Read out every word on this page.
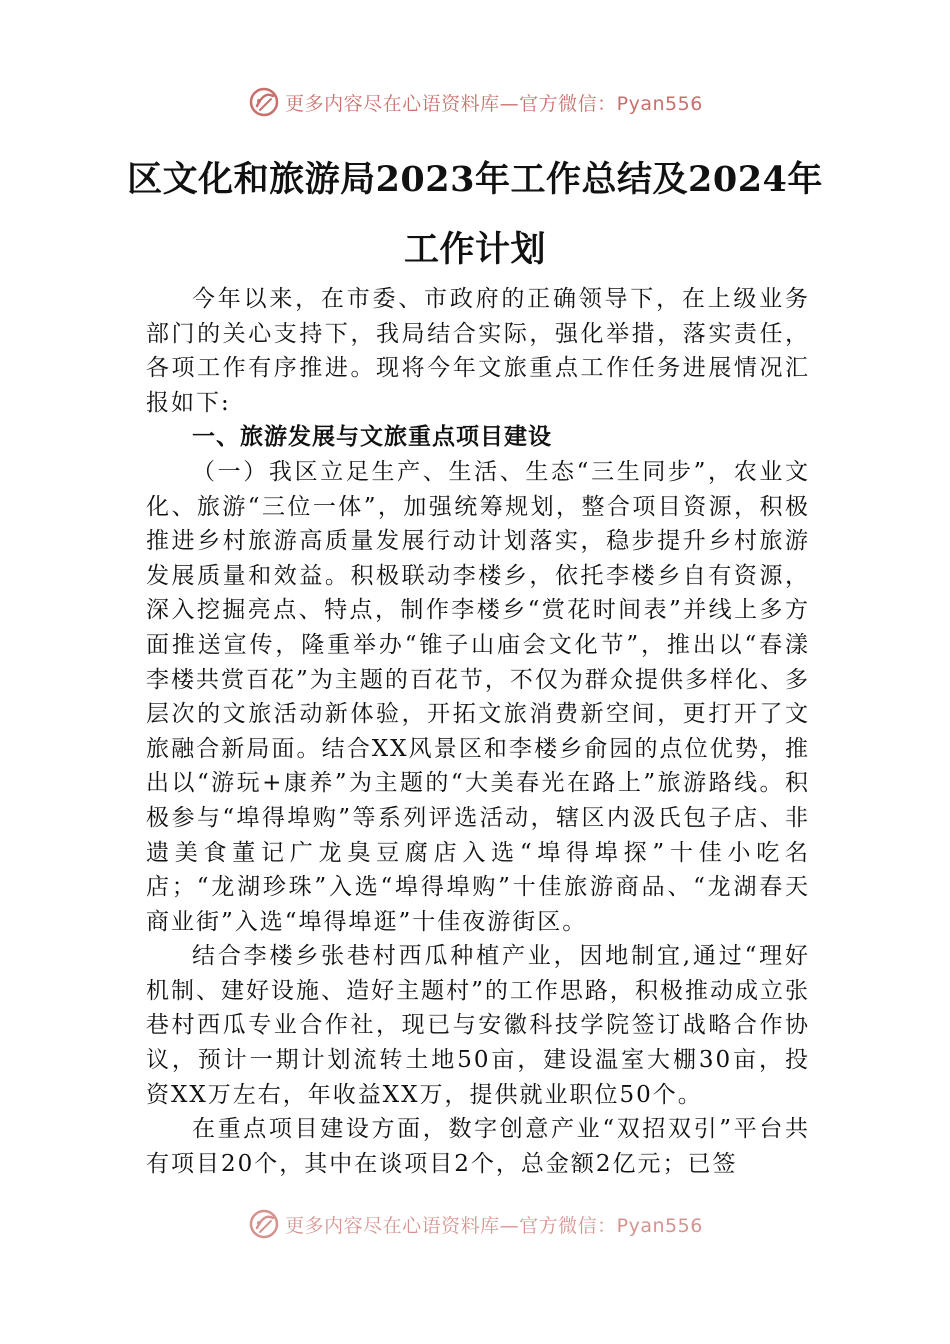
更多内容尽在心语资料库—官方微信：Pyan556
区文化和旅游局2023年工作总结及2024年
工作计划

今年以来，在市委、市政府的正确领导下，在上级业务部门的关心支持下，我局结合实际，强化举措，落实责任，各项工作有序推进。现将今年文旅重点工作任务进展情况汇报如下:

一、旅游发展与文旅重点项目建设

（一）我区立足生产、生活、生态“三生同步”，农业文化、旅游“三位一体”，加强统筹规划，整合项目资源，积极推进乡村旅游高质量发展行动计划落实，稳步提升乡村旅游发展质量和效益。积极联动李楼乡，依托李楼乡自有资源，深入挖掘亮点、特点，制作李楼乡“赏花时间表”并线上多方面推送宣传，隆重举办“锥子山庙会文化节”，推出以“春漾李楼共赏百花”为主题的百花节，不仅为群众提供多样化、多层次的文旅活动新体验，开拓文旅消费新空间，更打开了文旅融合新局面。结合XX风景区和李楼乡俞园的点位优势，推出以“游玩+康养”为主题的“大美春光在路上”旅游路线。积极参与“埠得埠购”等系列评选活动，辖区内汲氏包子店、非遗美食董记广龙臭豆腐店入选“埠得埠探”十佳小吃名店；“龙湖珍珠”入选“埠得埠购”十佳旅游商品、“龙湖春天商业街”入选“埠得埠逛”十佳夜游街区。

结合李楼乡张巷村西瓜种植产业，因地制宜,通过“理好机制、建好设施、造好主题村”的工作思路，积极推动成立张巷村西瓜专业合作社，现已与安徽科技学院签订战略合作协议，预计一期计划流转土地50亩，建设温室大棚30亩，投资XX万左右，年收益XX万，提供就业职位50个。

在重点项目建设方面，数字创意产业“双招双引”平台共有项目20个，其中在谈项目2个，总金额2亿元；已签

更多内容尽在心语资料库—官方微信：Pyan556
